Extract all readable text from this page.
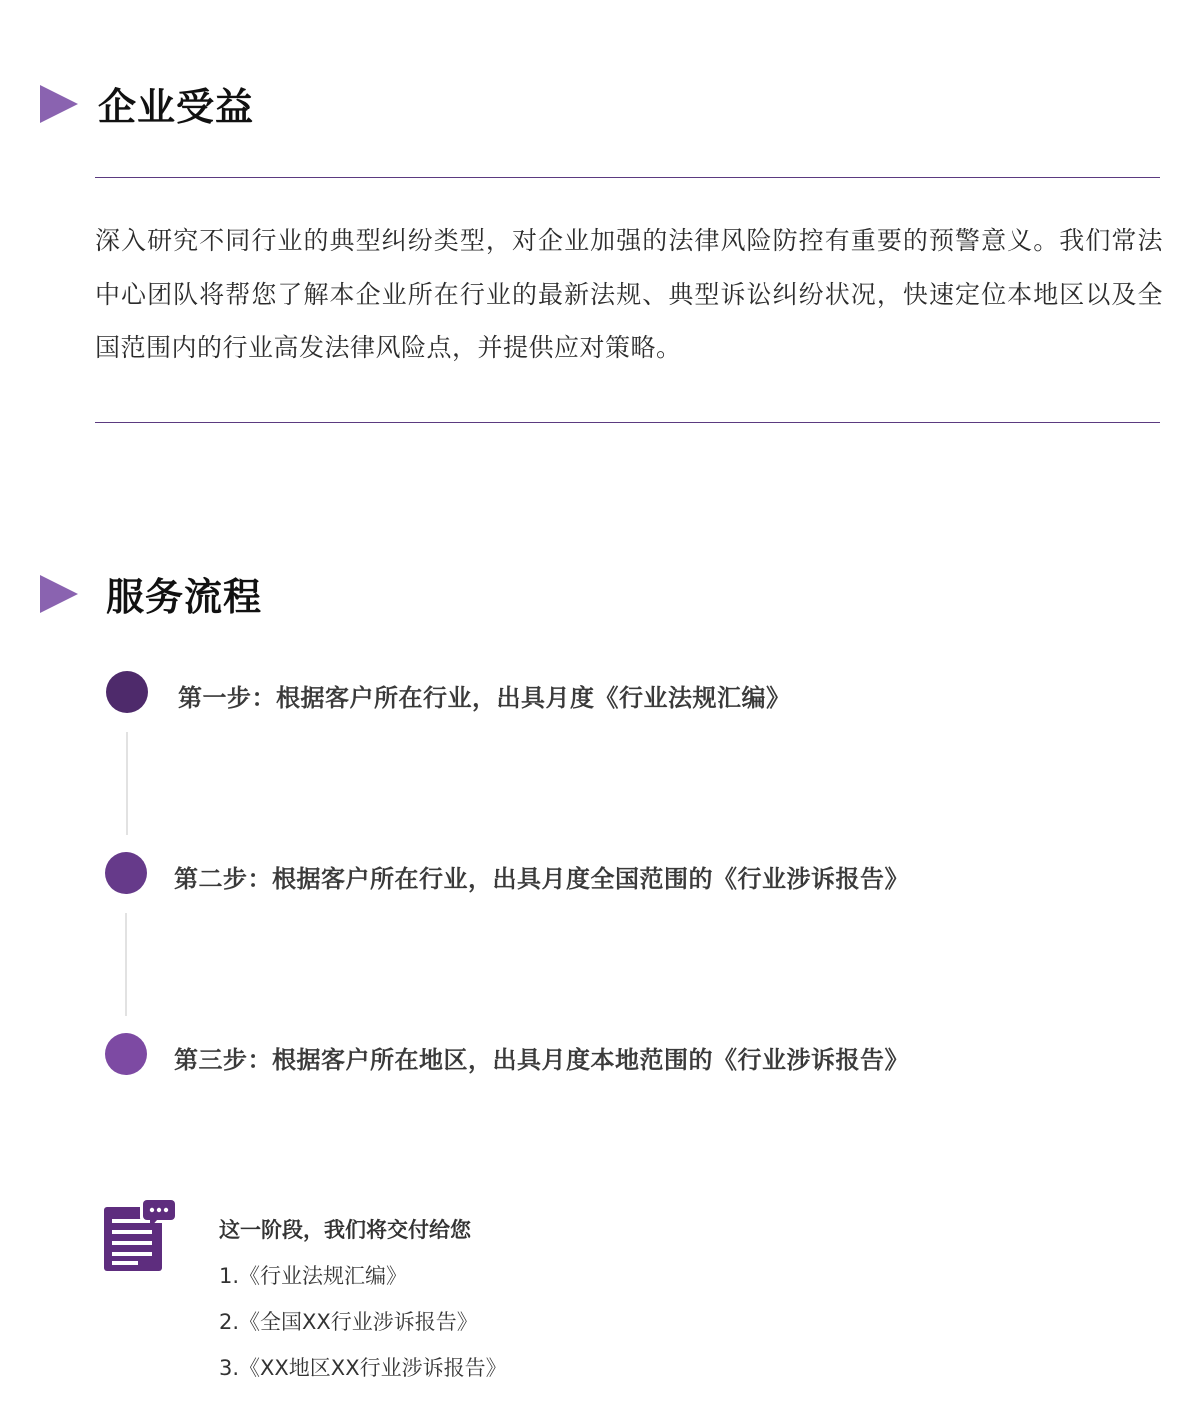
企业受益
深入研究不同行业的典型纠纷类型，对企业加强的法律风险防控有重要的预警意义。我们常法中心团队将帮您了解本企业所在行业的最新法规、典型诉讼纠纷状况，快速定位本地区以及全国范围内的行业高发法律风险点，并提供应对策略。
服务流程
第一步：根据客户所在行业，出具月度《行业法规汇编》
第二步：根据客户所在行业，出具月度全国范围的《行业涉诉报告》
第三步：根据客户所在地区，出具月度本地范围的《行业涉诉报告》
这一阶段，我们将交付给您
1.《行业法规汇编》
2.《全国XX行业涉诉报告》
3.《XX地区XX行业涉诉报告》
